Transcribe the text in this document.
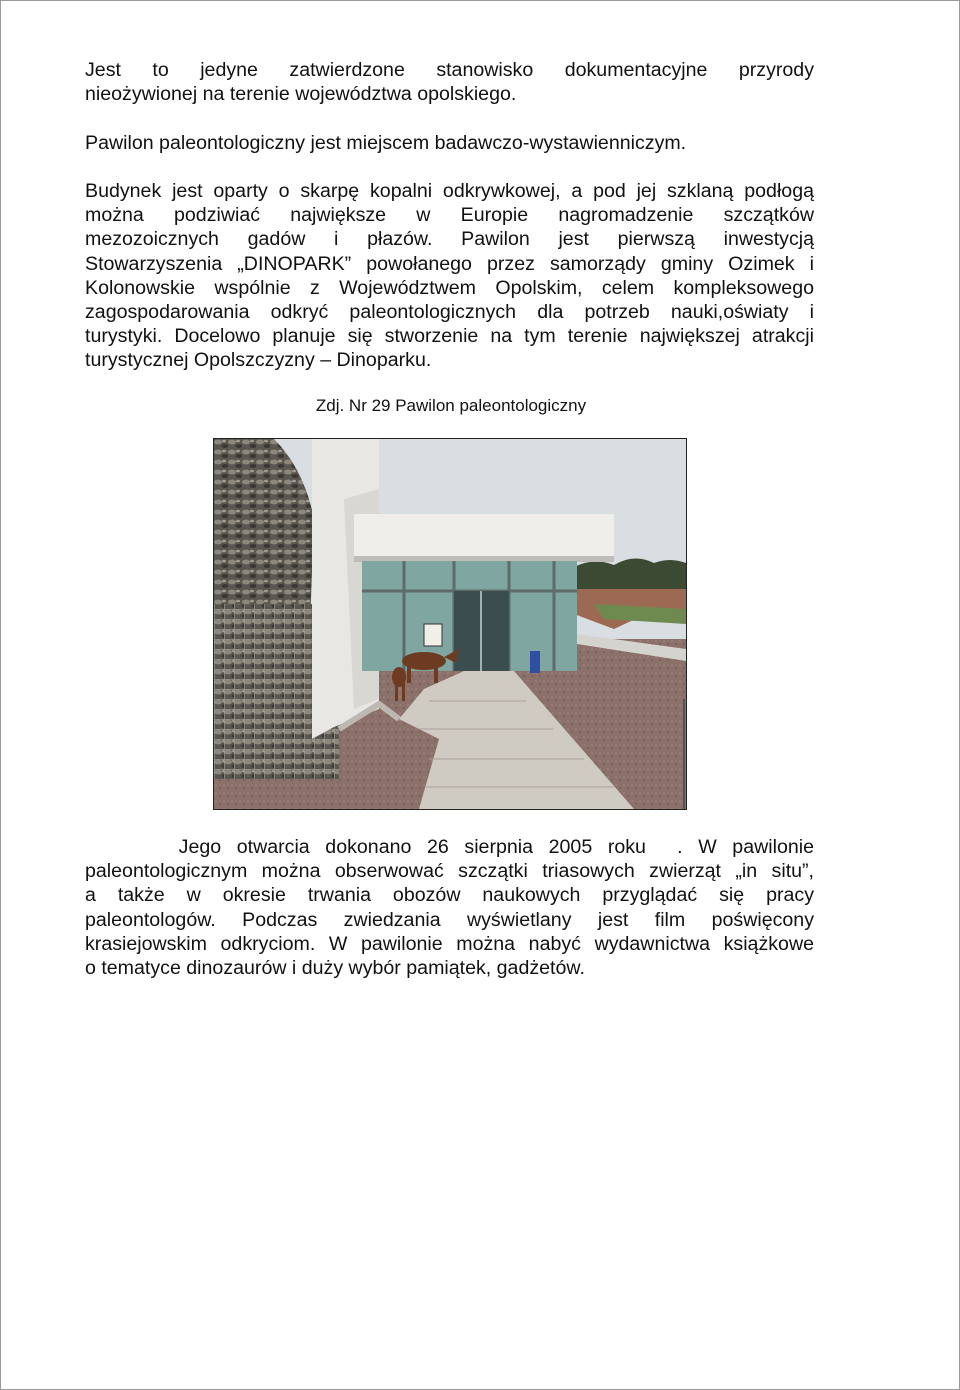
Jest to jedyne zatwierdzone stanowisko dokumentacyjne przyrody
nieożywionej na terenie województwa opolskiego.

Pawilon paleontologiczny jest miejscem badawczo-wystawienniczym.

Budynek jest oparty o skarpę kopalni odkrywkowej, a pod jej szklaną podłogą
można podziwiać największe w Europie nagromadzenie szczątków
mezozoicznych gadów i płazów. Pawilon jest pierwszą inwestycją
Stowarzyszenia „DINOPARK” powołanego przez samorządy gminy Ozimek i
Kolonowskie wspólnie z Województwem Opolskim, celem kompleksowego
zagospodarowania odkryć paleontologicznych dla potrzeb nauki,oświaty i
turystyki. Docelowo planuje się stworzenie na tym terenie największej atrakcji
turystycznej Opolszczyzny – Dinoparku.

Zdj. Nr 29 Pawilon paleontologiczny

Jego otwarcia dokonano 26 sierpnia 2005 roku  . W pawilonie
paleontologicznym można obserwować szczątki triasowych zwierząt „in situ”,
a także w okresie trwania obozów naukowych przyglądać się pracy
paleontologów. Podczas zwiedzania wyświetlany jest film poświęcony
krasiejowskim odkryciom. W pawilonie można nabyć wydawnictwa książkowe
o tematyce dinozaurów i duży wybór pamiątek, gadżetów.
